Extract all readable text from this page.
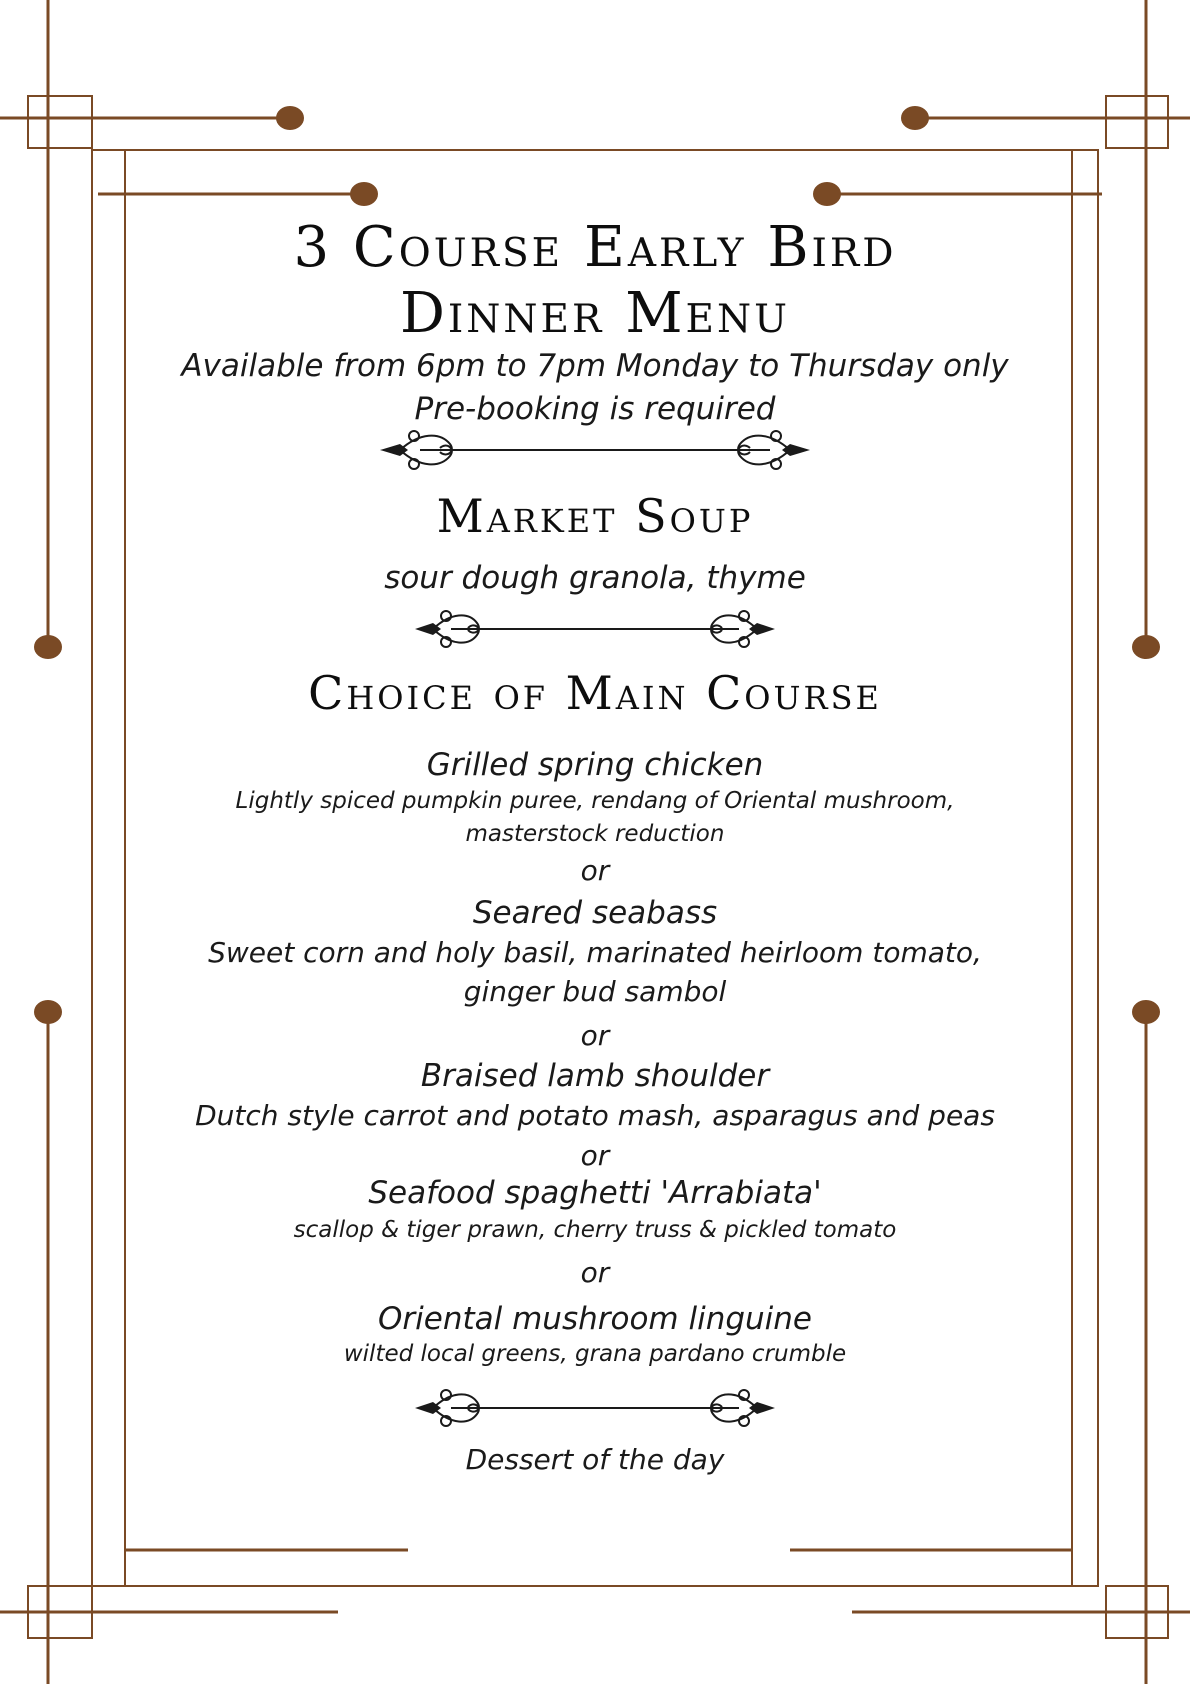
3 Course Early Bird
Dinner Menu
Available from 6pm to 7pm Monday to Thursday only
Pre-booking is required
Market Soup
sour dough granola, thyme
Choice of Main Course
Grilled spring chicken
Lightly spiced pumpkin puree, rendang of Oriental mushroom,
masterstock reduction
or
Seared seabass
Sweet corn and holy basil, marinated heirloom tomato,
ginger bud sambol
or
Braised lamb shoulder
Dutch style carrot and potato mash, asparagus and peas
or
Seafood spaghetti 'Arrabiata'
scallop & tiger prawn, cherry truss & pickled tomato
or
Oriental mushroom linguine
wilted local greens, grana pardano crumble
Dessert of the day
